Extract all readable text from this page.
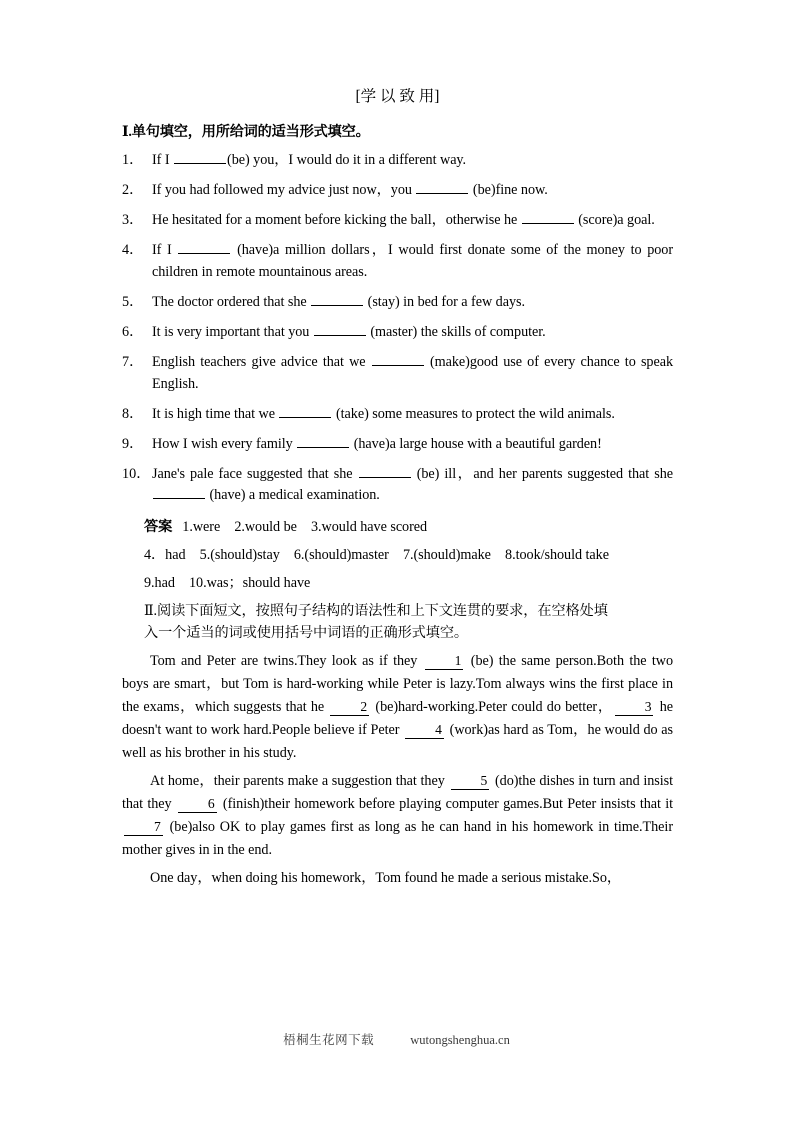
[学 以 致 用]
Ⅰ.单句填空，用所给词的适当形式填空。
1． If I	(be) you，I would do it in a different way.
2． If you had followed my advice just now，you	(be)fine now.
3． He hesitated for a moment before kicking the ball，otherwise he	(score)a goal.
4． If I	(have)a million dollars，I would first donate some of the money to poor children in remote mountainous areas.
5． The doctor ordered that she	(stay) in bed for a few days.
6． It is very important that you	(master) the skills of computer.
7． English teachers give advice that we	(make)good use of every chance to speak English.
8． It is high time that we	(take) some measures to protect the wild animals.
9． How I wish every family	(have)a large house with a beautiful garden!
10． Jane's pale face suggested that she	(be) ill，and her parents suggested that she  (have) a medical examination.
答案 1.were　2.would be　3.would have scored
4．had　5.(should)stay　6.(should)master　7.(should)make　8.took/should take
9.had　10.was；should have
Ⅱ.阅读下面短文，按照句子结构的语法性和上下文连贯的要求，在空格处填
入一个适当的词或使用括号中词语的正确形式填空。

Tom and Peter are twins.They look as if they 1 (be) the same person.Both the two boys are smart，but Tom is hard-working while Peter is lazy.Tom always wins the first place in the exams，which suggests that he 2 (be)hard-working.Peter could do better， 3 he doesn't want to work hard.People believe if Peter 4 (work)as hard as Tom，he would do as well as his brother in his study.

At home，their parents make a suggestion that they 5 (do)the dishes in turn and insist that they 6 (finish)their homework before playing computer games.But Peter insists that it 7 (be)also OK to play games first as long as he can hand in his homework in time.Their mother gives in in the end.

One day，when doing his homework，Tom found he made a serious mistake.So，

梧桐生花网下载	wutongshenghua.cn
